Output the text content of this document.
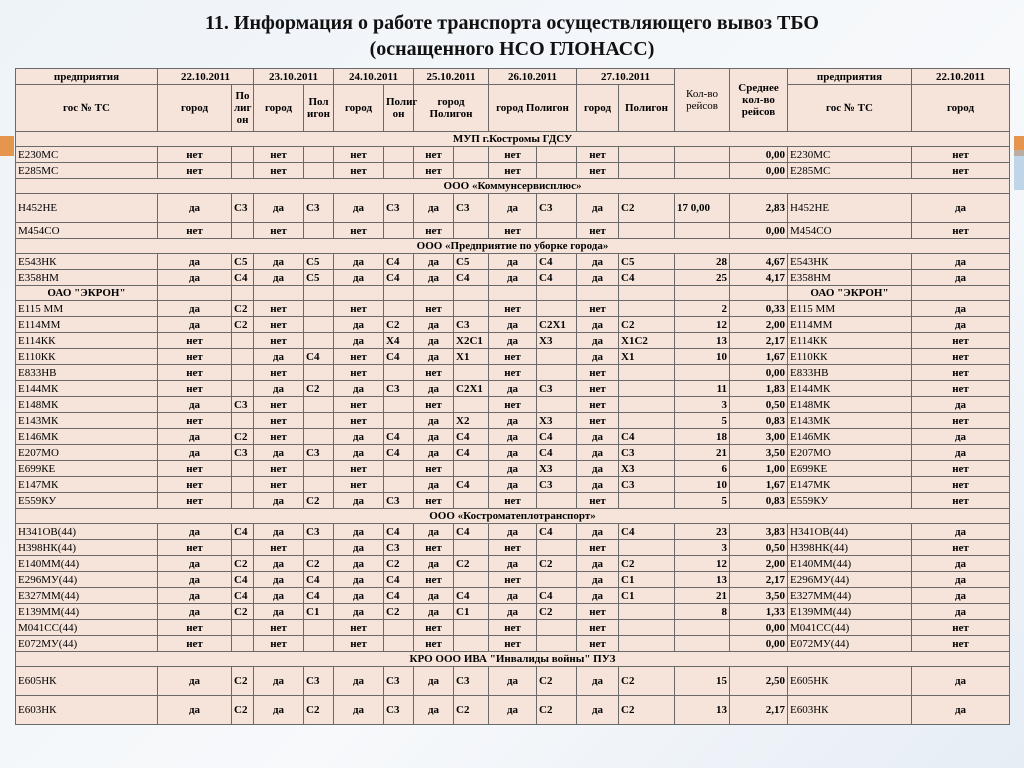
11. Информация о работе транспорта осуществляющего вывоз ТБО
(оснащенного НСО ГЛОНАСС)
предприятия	22.10.2011		23.10.2011		24.10.2011		25.10.2011		26.10.2011		27.10.2011		Кол-во рейсов	Среднее кол-во рейсов	предприятия	22.10.2011
гос № ТС	город	По лиг он	город	Пол игон	город	Полиг он	город Полигон		город Полигон		город	Полигон			гос № ТС	город
МУП г.Костромы ГДСУ																
Е230МС	нет		нет		нет		нет		нет		нет			0,00	Е230МС	нет
Е285МС	нет		нет		нет		нет		нет		нет			0,00	Е285МС	нет
ООО «Коммунсервисплюс»																
Н452НЕ	да	С3	да	С3	да	С3	да	С3	да	С3	да	С2	17 0,00	2,83	Н452НЕ	да
М454СО	нет		нет		нет		нет		нет		нет			0,00	М454СО	нет
ООО «Предприятие по уборке города»																
Е543НК	да	С5	да	С5	да	С4	да	С5	да	С4	да	С5	28	4,67	Е543НК	да
Е358НМ	да	С4	да	С5	да	С4	да	С4	да	С4	да	С4	25	4,17	Е358НМ	да
ОАО "ЭКРОН"															ОАО "ЭКРОН"	
Е115 ММ	да	С2	нет		нет		нет		нет		нет		2	0,33	Е115 ММ	да
Е114ММ	да	С2	нет		да	С2	да	С3	да	С2Х1	да	С2	12	2,00	Е114ММ	да
Е114КК	нет		нет		да	Х4	да	Х2С1	да	Х3	да	Х1С2	13	2,17	Е114КК	нет
Е110КК	нет		да	С4	нет	С4	да	Х1	нет		да	Х1	10	1,67	Е110КК	нет
Е833НВ	нет		нет		нет		нет		нет		нет			0,00	Е833НВ	нет
Е144МК	нет		да	С2	да	С3	да	С2Х1	да	С3	нет		11	1,83	Е144МК	нет
Е148МК	да	С3	нет		нет		нет		нет		нет		3	0,50	Е148МК	да
Е143МК	нет		нет		нет		да	Х2	да	Х3	нет		5	0,83	Е143МК	нет
Е146МК	да	С2	нет		да	С4	да	С4	да	С4	да	С4	18	3,00	Е146МК	да
Е207МО	да	С3	да	С3	да	С4	да	С4	да	С4	да	С3	21	3,50	Е207МО	да
Е699КЕ	нет		нет		нет		нет		да	Х3	да	Х3	6	1,00	Е699КЕ	нет
Е147МК	нет		нет		нет		да	С4	да	С3	да	С3	10	1,67	Е147МК	нет
Е559КУ	нет		да	С2	да	С3	нет		нет		нет		5	0,83	Е559КУ	нет
ООО «Костроматеплотранспорт»																
Н341ОВ(44)	да	С4	да	С3	да	С4	да	С4	да	С4	да	С4	23	3,83	Н341ОВ(44)	да
Н398НК(44)	нет		нет		да	С3	нет		нет		нет		3	0,50	Н398НК(44)	нет
Е140ММ(44)	да	С2	да	С2	да	С2	да	С2	да	С2	да	С2	12	2,00	Е140ММ(44)	да
Е296МУ(44)	да	С4	да	С4	да	С4	нет		нет		да	С1	13	2,17	Е296МУ(44)	да
Е327ММ(44)	да	С4	да	С4	да	С4	да	С4	да	С4	да	С1	21	3,50	Е327ММ(44)	да
Е139ММ(44)	да	С2	да	С1	да	С2	да	С1	да	С2	нет		8	1,33	Е139ММ(44)	да
М041СС(44)	нет		нет		нет		нет		нет		нет			0,00	М041СС(44)	нет
Е072МУ(44)	нет		нет		нет		нет		нет		нет			0,00	Е072МУ(44)	нет
КРО ООО ИВА "Инвалиды войны" ПУЗ																
Е605НК	да	С2	да	С3	да	С3	да	С3	да	С2	да	С2	15	2,50	Е605НК	да
Е603НК	да	С2	да	С2	да	С3	да	С2	да	С2	да	С2	13	2,17	Е603НК	да
